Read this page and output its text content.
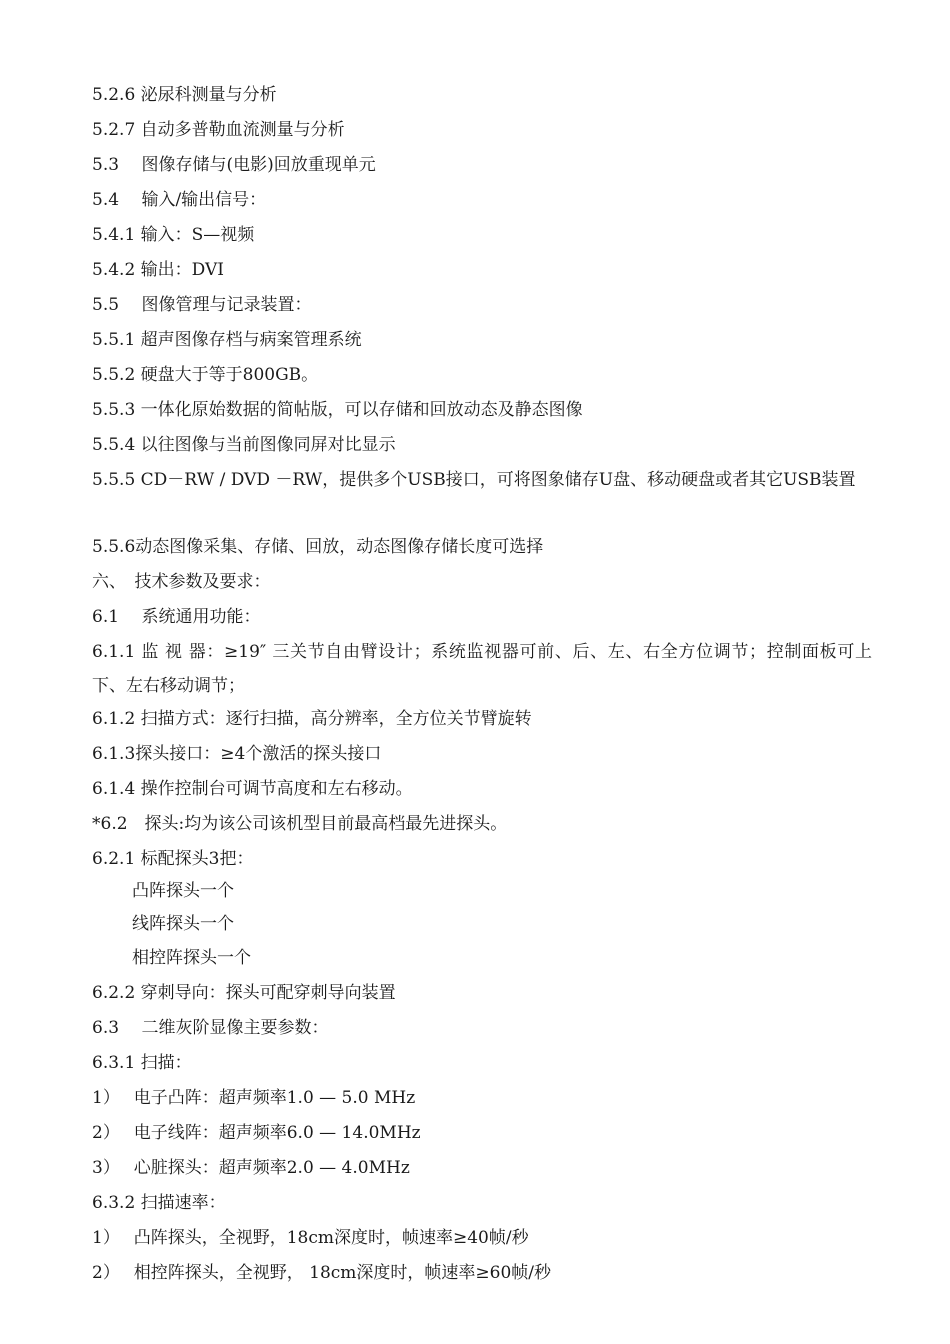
5.2.6 泌尿科测量与分析
5.2.7 自动多普勒血流测量与分析
5.3　 图像存储与(电影)回放重现单元
5.4　 输入/输出信号：
5.4.1 输入：S—视频
5.4.2 输出：DVI
5.5　 图像管理与记录装置：
5.5.1 超声图像存档与病案管理系统
5.5.2 硬盘大于等于800GB。
5.5.3 一体化原始数据的简帖版，可以存储和回放动态及静态图像
5.5.4 以往图像与当前图像同屏对比显示
5.5.5 CD－RW / DVD －RW，提供多个USB接口，可将图象储存U盘、移动硬盘或者其它USB装置
5.5.6动态图像采集、存储、回放，动态图像存储长度可选择
六、　技术参数及要求：
6.1　 系统通用功能：
6.1.1 监 视 器：≥19″ 三关节自由臂设计；系统监视器可前、后、左、右全方位调节；控制面板可上下、左右移动调节；
6.1.2 扫描方式：逐行扫描，高分辨率，全方位关节臂旋转
6.1.3探头接口：≥4个激活的探头接口
6.1.4 操作控制台可调节高度和左右移动。
*6.2　探头:均为该公司该机型目前最高档最先进探头。
6.2.1 标配探头3把：
凸阵探头一个
线阵探头一个
相控阵探头一个
6.2.2 穿刺导向：探头可配穿刺导向装置
6.3　 二维灰阶显像主要参数：
6.3.1 扫描：
1）　 电子凸阵：超声频率1.0 — 5.0 MHz
2）　 电子线阵：超声频率6.0 — 14.0MHz
3）　 心脏探头：超声频率2.0 — 4.0MHz
6.3.2 扫描速率：
1）　 凸阵探头，全视野，18cm深度时，帧速率≥40帧/秒
2）　 相控阵探头，全视野， 18cm深度时，帧速率≥60帧/秒
